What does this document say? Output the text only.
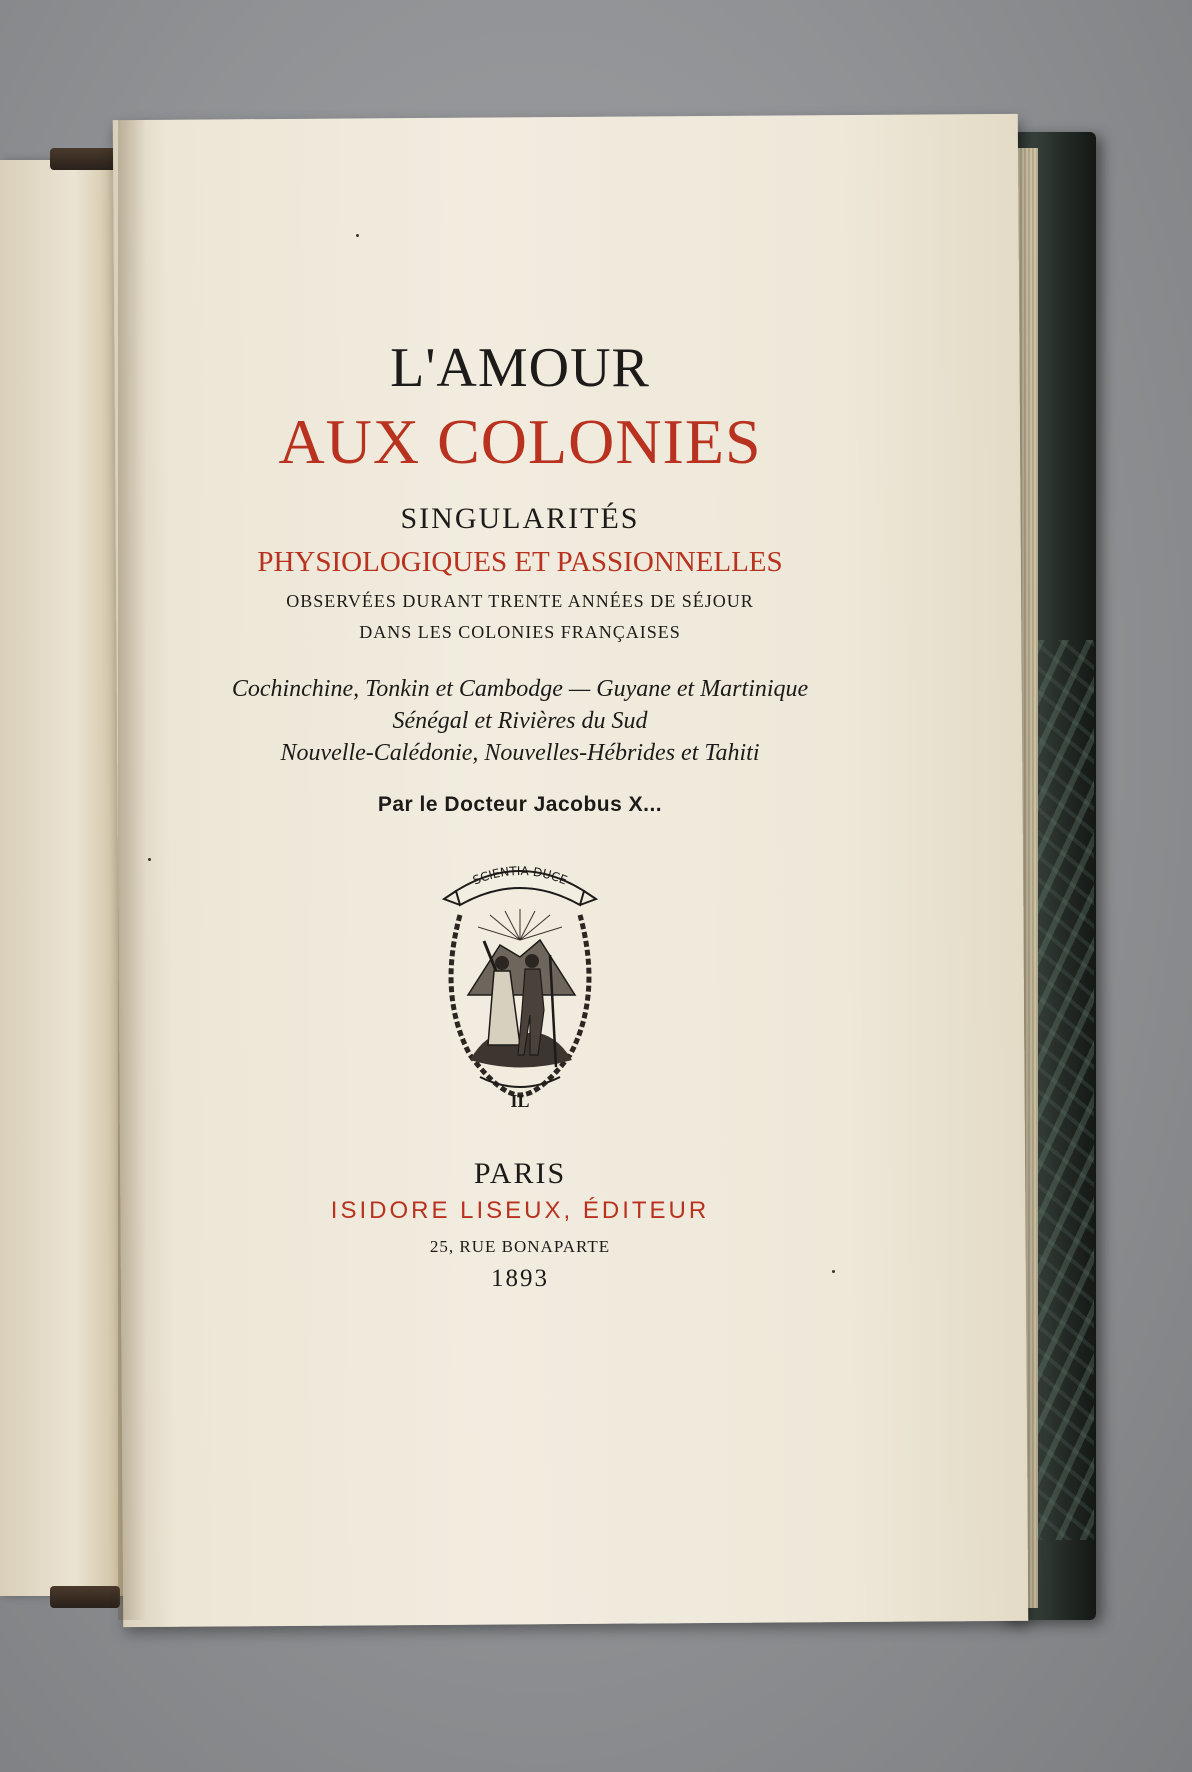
L'AMOUR
AUX COLONIES
SINGULARITÉS
PHYSIOLOGIQUES ET PASSIONNELLES
OBSERVÉES DURANT TRENTE ANNÉES DE SÉJOUR
DANS LES COLONIES FRANÇAISES
Cochinchine, Tonkin et Cambodge — Guyane et Martinique
Sénégal et Rivières du Sud
Nouvelle-Calédonie, Nouvelles-Hébrides et Tahiti
Par le Docteur Jacobus X...
SCIENTIA DUCE
IL
PARIS
ISIDORE LISEUX, ÉDITEUR
25, RUE BONAPARTE
1893
